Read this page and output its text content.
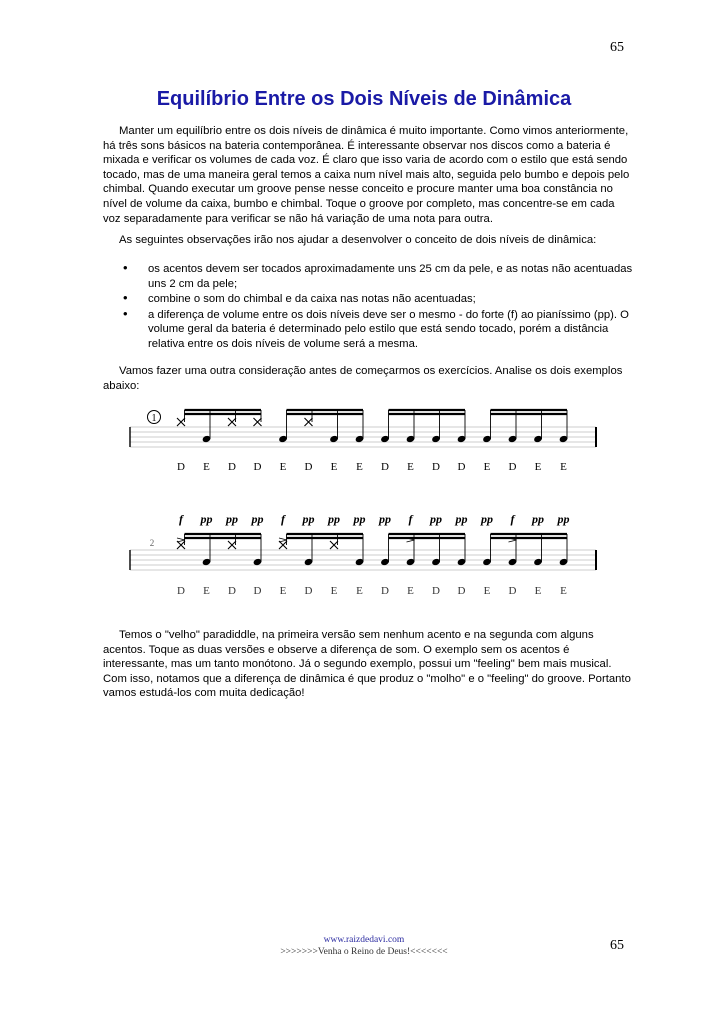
65
Equilíbrio Entre os Dois Níveis de Dinâmica
Manter um equilíbrio entre os dois níveis de dinâmica é muito importante. Como vimos anteriormente, há três sons básicos na bateria contemporânea. É interessante observar nos discos como a bateria é mixada e verificar os volumes de cada voz. É claro que isso varia de acordo com o estilo que está sendo tocado, mas de uma maneira geral temos a caixa num nível mais alto, seguida pelo bumbo e depois pelo chimbal. Quando executar um groove pense nesse conceito e procure manter uma boa constância no nível de volume da caixa, bumbo e chimbal. Toque o groove por completo, mas concentre-se em cada voz separadamente para verificar se não há variação de uma nota para outra.
As seguintes observações irão nos ajudar a desenvolver o conceito de dois níveis de dinâmica:
• os acentos devem ser tocados aproximadamente uns 25 cm da pele, e as notas não acentuadas uns 2 cm da pele;
• combine o som do chimbal e da caixa nas notas não acentuadas;
• a diferença de volume entre os dois níveis deve ser o mesmo - do forte (f) ao pianíssimo (pp). O volume geral da bateria é determinado pelo estilo que está sendo tocado, porém a distância relativa entre os dois níveis de volume será a mesma.
Vamos fazer uma outra consideração antes de começarmos os exercícios. Analise os dois exemplos abaixo:
1
D E D D E D E E D E D D E D E E
2
f pp pp pp f pp pp pp pp f pp pp pp f pp pp
D E D D E D E E D E D D E D E E
Temos o "velho" paradiddle, na primeira versão sem nenhum acento e na segunda com alguns acentos. Toque as duas versões e observe a diferença de som. O exemplo sem os acentos é interessante, mas um tanto monótono. Já o segundo exemplo, possui um "feeling" bem mais musical. Com isso, notamos que a diferença de dinâmica é que produz o "molho" e o "feeling" do groove. Portanto vamos estudá-los com muita dedicação!
www.raizdedavi.com
>>>>>>>Venha o Reino de Deus!<<<<<<<	65
